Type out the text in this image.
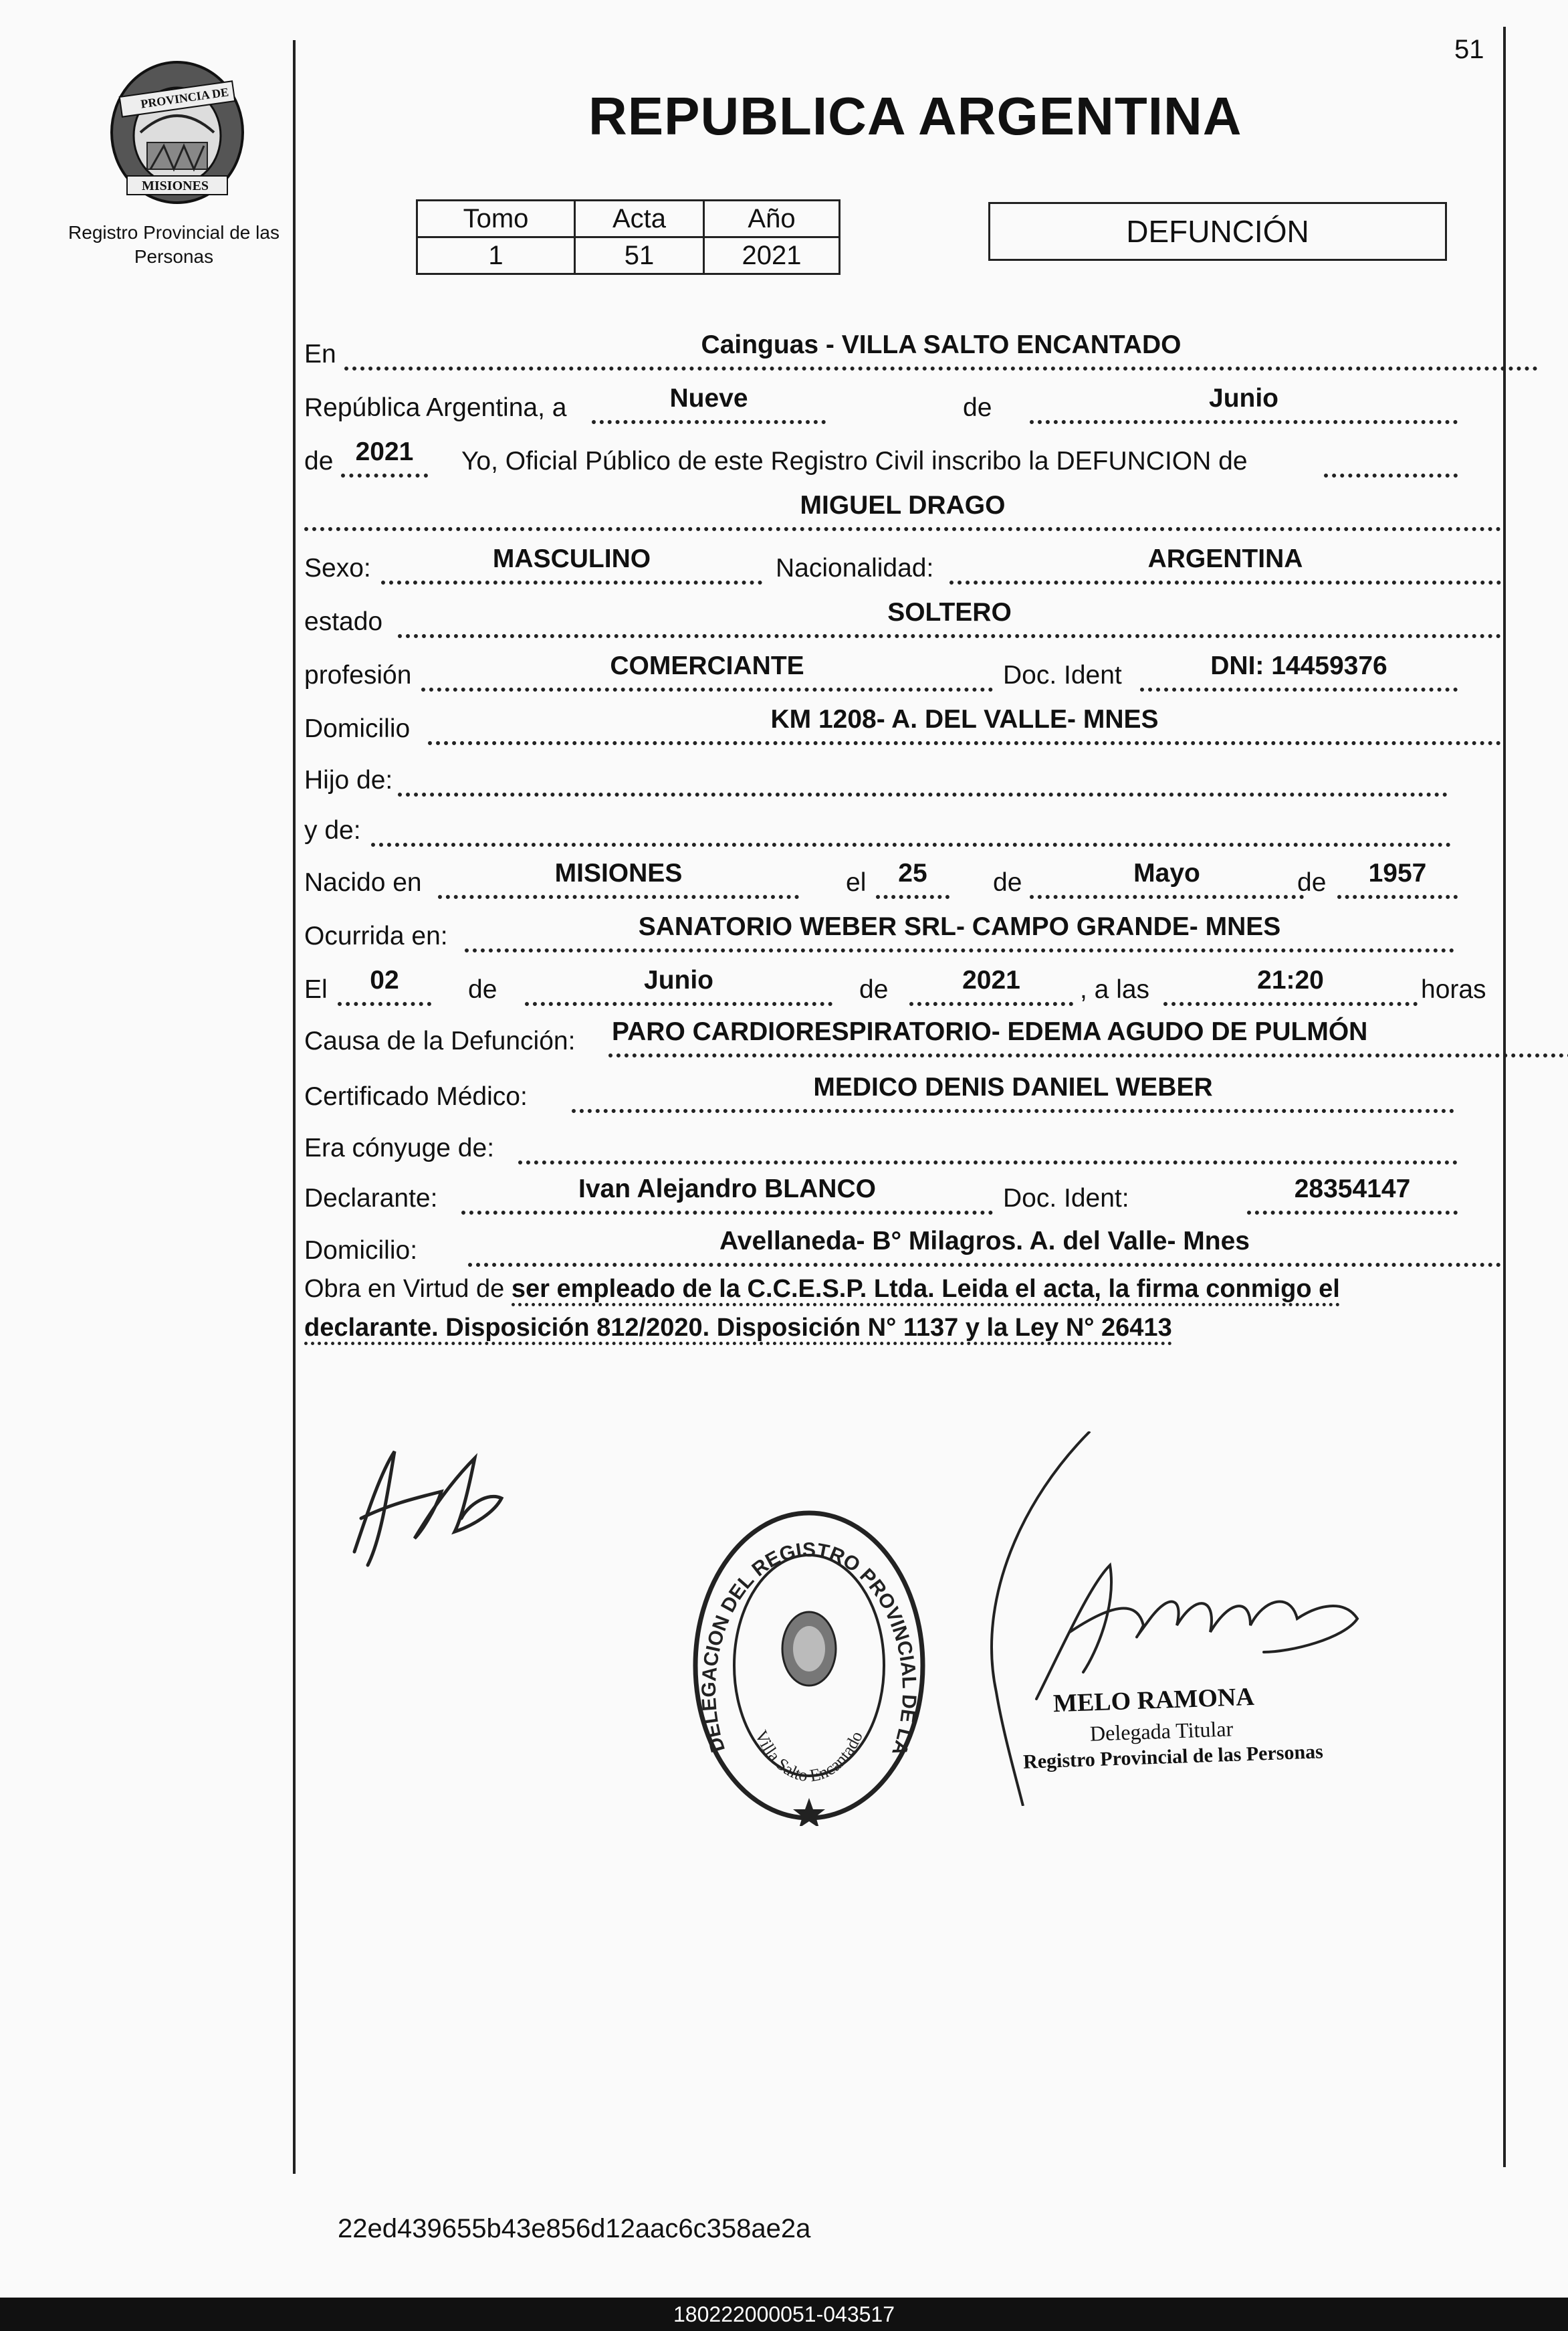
PROVINCIA DE
MISIONES
Registro Provincial de las Personas
51
REPUBLICA ARGENTINA
Tomo	Acta	Año
1	51	2021
DEFUNCIÓN
En	Cainguas - VILLA SALTO ENCANTADO
República Argentina, a	Nueve	de	Junio
de 2021	Yo, Oficial Público de este Registro Civil inscribo la DEFUNCION de
MIGUEL DRAGO
Sexo:	MASCULINO	Nacionalidad:	ARGENTINA
estado	SOLTERO
profesión	COMERCIANTE	Doc. Ident	DNI: 14459376
Domicilio	KM 1208- A. DEL VALLE- MNES
Hijo de:
y de:
Nacido en	MISIONES	el	25	de	Mayo	de	1957
Ocurrida en:	SANATORIO WEBER SRL- CAMPO GRANDE- MNES
El	02	de	Junio	de	2021	, a las	21:20	horas
Causa de la Defunción: PARO CARDIORESPIRATORIO- EDEMA AGUDO DE PULMÓN
Certificado Médico:	MEDICO DENIS DANIEL WEBER
Era cónyuge de:
Declarante:	Ivan Alejandro BLANCO	Doc. Ident:	28354147
Domicilio:	Avellaneda- B° Milagros. A. del Valle- Mnes
Obra en Virtud de ser empleado de la C.C.E.S.P. Ltda. Leida el acta, la firma conmigo el
declarante. Disposición 812/2020. Disposición N° 1137 y la Ley N° 26413
DELEGACION DEL REGISTRO PROVINCIAL DE LA
Villa Salto Encantado
MELO RAMONA
Delegada Titular
Registro Provincial de las Personas
22ed439655b43e856d12aac6c358ae2a
180222000051-043517
